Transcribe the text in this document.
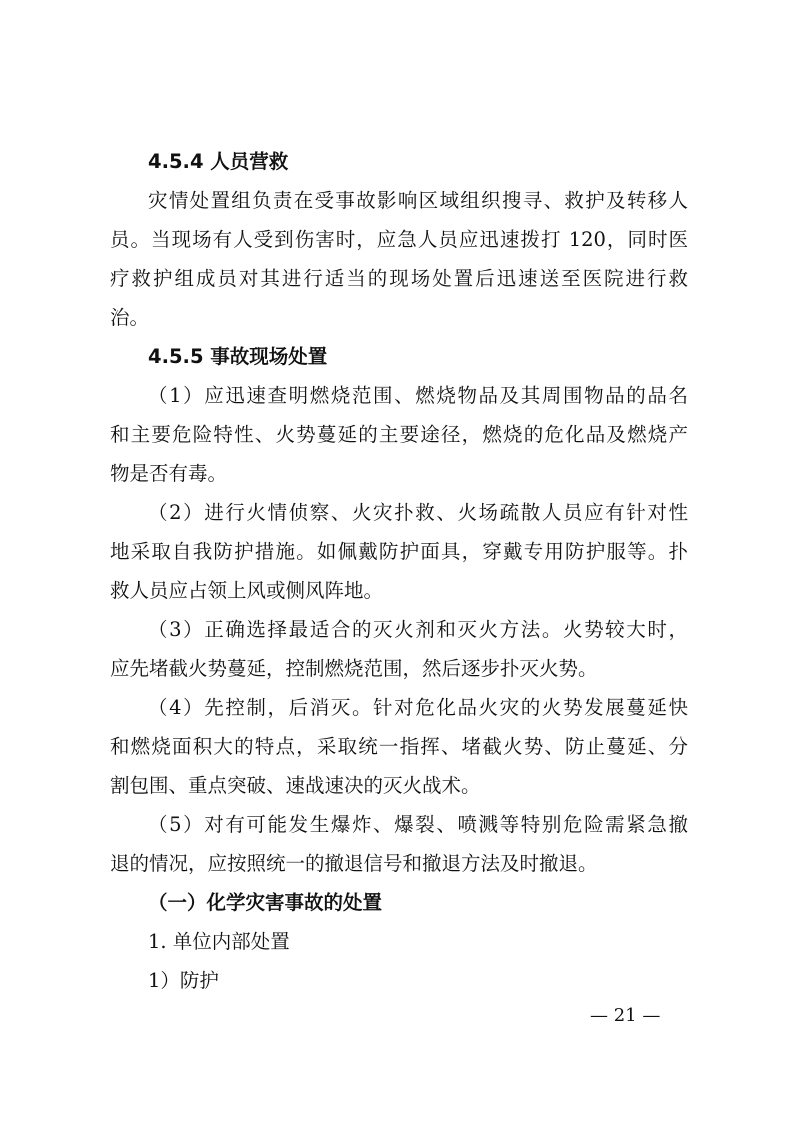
4.5.4 人员营救
灾情处置组负责在受事故影响区域组织搜寻、救护及转移人
员。当现场有人受到伤害时，应急人员应迅速拨打 120，同时医
疗救护组成员对其进行适当的现场处置后迅速送至医院进行救
治。
4.5.5 事故现场处置
（1）应迅速查明燃烧范围、燃烧物品及其周围物品的品名
和主要危险特性、火势蔓延的主要途径，燃烧的危化品及燃烧产
物是否有毒。
（2）进行火情侦察、火灾扑救、火场疏散人员应有针对性
地采取自我防护措施。如佩戴防护面具，穿戴专用防护服等。扑
救人员应占领上风或侧风阵地。
（3）正确选择最适合的灭火剂和灭火方法。火势较大时，
应先堵截火势蔓延，控制燃烧范围，然后逐步扑灭火势。
（4）先控制，后消灭。针对危化品火灾的火势发展蔓延快
和燃烧面积大的特点，采取统一指挥、堵截火势、防止蔓延、分
割包围、重点突破、速战速决的灭火战术。
（5）对有可能发生爆炸、爆裂、喷溅等特别危险需紧急撤
退的情况，应按照统一的撤退信号和撤退方法及时撤退。
（一）化学灾害事故的处置
1. 单位内部处置
1）防护
— 21 —
